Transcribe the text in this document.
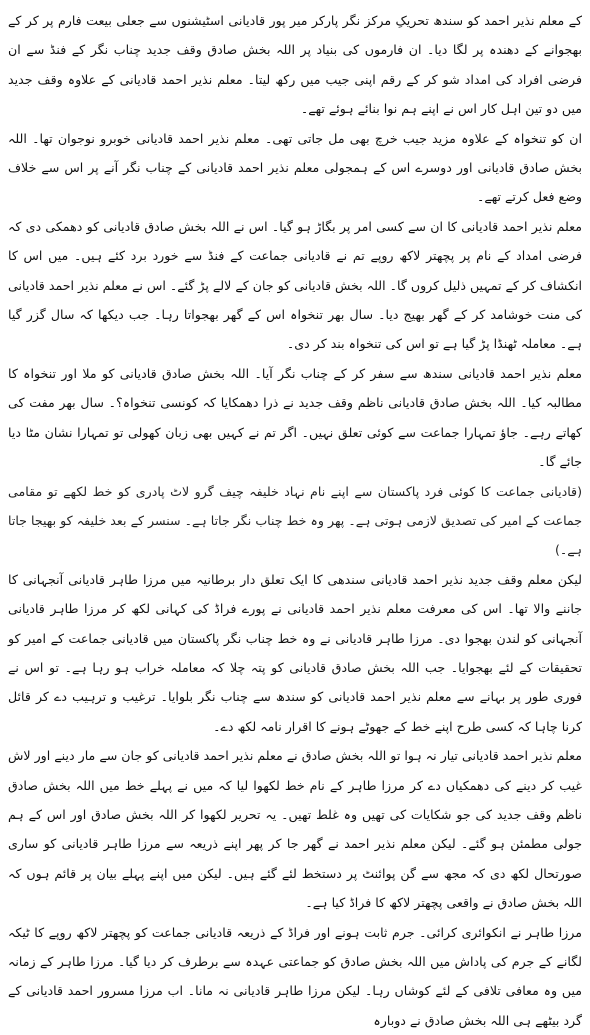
کے معلم نذیر احمد کو سندھ تحریکِ مرکز نگر پارکر میر پور قادیانی اسٹیشنوں سے جعلی بیعت فارم پر کر کے بھجوانے کے دھندہ پر لگا دیا۔ ان فارموں کی بنیاد پر اللہ بخش صادق وقف جدید چناب نگر کے فنڈ سے ان فرضی افراد کی امداد شو کر کے رقم اپنی جیب میں رکھ لیتا۔ معلم نذیر احمد قادیانی کے علاوہ وقف جدید میں دو تین اہل کار اس نے اپنے ہم نوا بنائے ہوئے تھے۔

ان کو تنخواہ کے علاوہ مزید جیب خرچ بھی مل جاتی تھی۔ معلم نذیر احمد قادیانی خوبرو نوجوان تھا۔ اللہ بخش صادق قادیانی اور دوسرے اس کے ہمجولی معلم نذیر احمد قادیانی کے چناب نگر آنے پر اس سے خلاف وضع فعل کرتے تھے۔

معلم نذیر احمد قادیانی کا ان سے کسی امر پر بگاڑ ہو گیا۔ اس نے اللہ بخش صادق قادیانی کو دھمکی دی کہ فرضی امداد کے نام پر پچھتر لاکھ روپے تم نے قادیانی جماعت کے فنڈ سے خورد برد کئے ہیں۔ میں اس کا انکشاف کر کے تمہیں ذلیل کروں گا۔ اللہ بخش قادیانی کو جان کے لالے پڑ گئے۔ اس نے معلم نذیر احمد قادیانی کی منت خوشامد کر کے گھر بھیج دیا۔ سال بھر تنخواہ اس کے گھر بھجواتا رہا۔ جب دیکھا کہ سال گزر گیا ہے۔ معاملہ ٹھنڈا پڑ گیا ہے تو اس کی تنخواہ بند کر دی۔

معلم نذیر احمد قادیانی سندھ سے سفر کر کے چناب نگر آیا۔ اللہ بخش صادق قادیانی کو ملا اور تنخواہ کا مطالبہ کیا۔ اللہ بخش صادق قادیانی ناظم وقف جدید نے ذرا دھمکایا کہ کونسی تنخواہ؟۔ سال بھر مفت کی کھاتے رہے۔ جاؤ تمہارا جماعت سے کوئی تعلق نہیں۔ اگر تم نے کہیں بھی زبان کھولی تو تمہارا نشان مٹا دیا جائے گا۔

(قادیانی جماعت کا کوئی فرد پاکستان سے اپنے نام نہاد خلیفہ چیف گرو لاٹ پادری کو خط لکھے تو مقامی جماعت کے امیر کی تصدیق لازمی ہوتی ہے۔ پھر وہ خط چناب نگر جاتا ہے۔ سنسر کے بعد خلیفہ کو بھیجا جاتا ہے۔)

لیکن معلم وقف جدید نذیر احمد قادیانی سندھی کا ایک تعلق دار برطانیہ میں مرزا طاہر قادیانی آنجہانی کا جاننے والا تھا۔ اس کی معرفت معلم نذیر احمد قادیانی نے پورے فراڈ کی کہانی لکھ کر مرزا طاہر قادیانی آنجہانی کو لندن بھجوا دی۔ مرزا طاہر قادیانی نے وہ خط چناب نگر پاکستان میں قادیانی جماعت کے امیر کو تحقیقات کے لئے بھجوایا۔ جب اللہ بخش صادق قادیانی کو پتہ چلا کہ معاملہ خراب ہو رہا ہے۔ تو اس نے فوری طور پر بہانے سے معلم نذیر احمد قادیانی کو سندھ سے چناب نگر بلوایا۔ ترغیب و ترہیب دے کر قائل کرنا چاہا کہ کسی طرح اپنے خط کے جھوٹے ہونے کا اقرار نامہ لکھ دے۔

معلم نذیر احمد قادیانی تیار نہ ہوا تو اللہ بخش صادق نے معلم نذیر احمد قادیانی کو جان سے مار دینے اور لاش غیب کر دینے کی دھمکیاں دے کر مرزا طاہر کے نام خط لکھوا لیا کہ میں نے پہلے خط میں اللہ بخش صادق ناظم وقف جدید کی جو شکایات کی تھیں وہ غلط تھیں۔ یہ تحریر لکھوا کر اللہ بخش صادق اور اس کے ہم جولی مطمئن ہو گئے۔ لیکن معلم نذیر احمد نے گھر جا کر پھر اپنے ذریعہ سے مرزا طاہر قادیانی کو ساری صورتحال لکھ دی کہ مجھ سے گن پوائنٹ پر دستخط لئے گئے ہیں۔ لیکن میں اپنے پہلے بیان پر قائم ہوں کہ اللہ بخش صادق نے واقعی پچھتر لاکھ کا فراڈ کیا ہے۔

مرزا طاہر نے انکوائری کرائی۔ جرم ثابت ہونے اور فراڈ کے ذریعہ قادیانی جماعت کو پچھتر لاکھ روپے کا ٹیکہ لگانے کے جرم کی پاداش میں اللہ بخش صادق کو جماعتی عہدہ سے برطرف کر دیا گیا۔ مرزا طاہر کے زمانہ میں وہ معافی تلافی کے لئے کوشاں رہا۔ لیکن مرزا طاہر قادیانی نہ مانا۔ اب مرزا مسرور احمد قادیانی کے گرد بیٹھے ہی اللہ بخش صادق نے دوبارہ
